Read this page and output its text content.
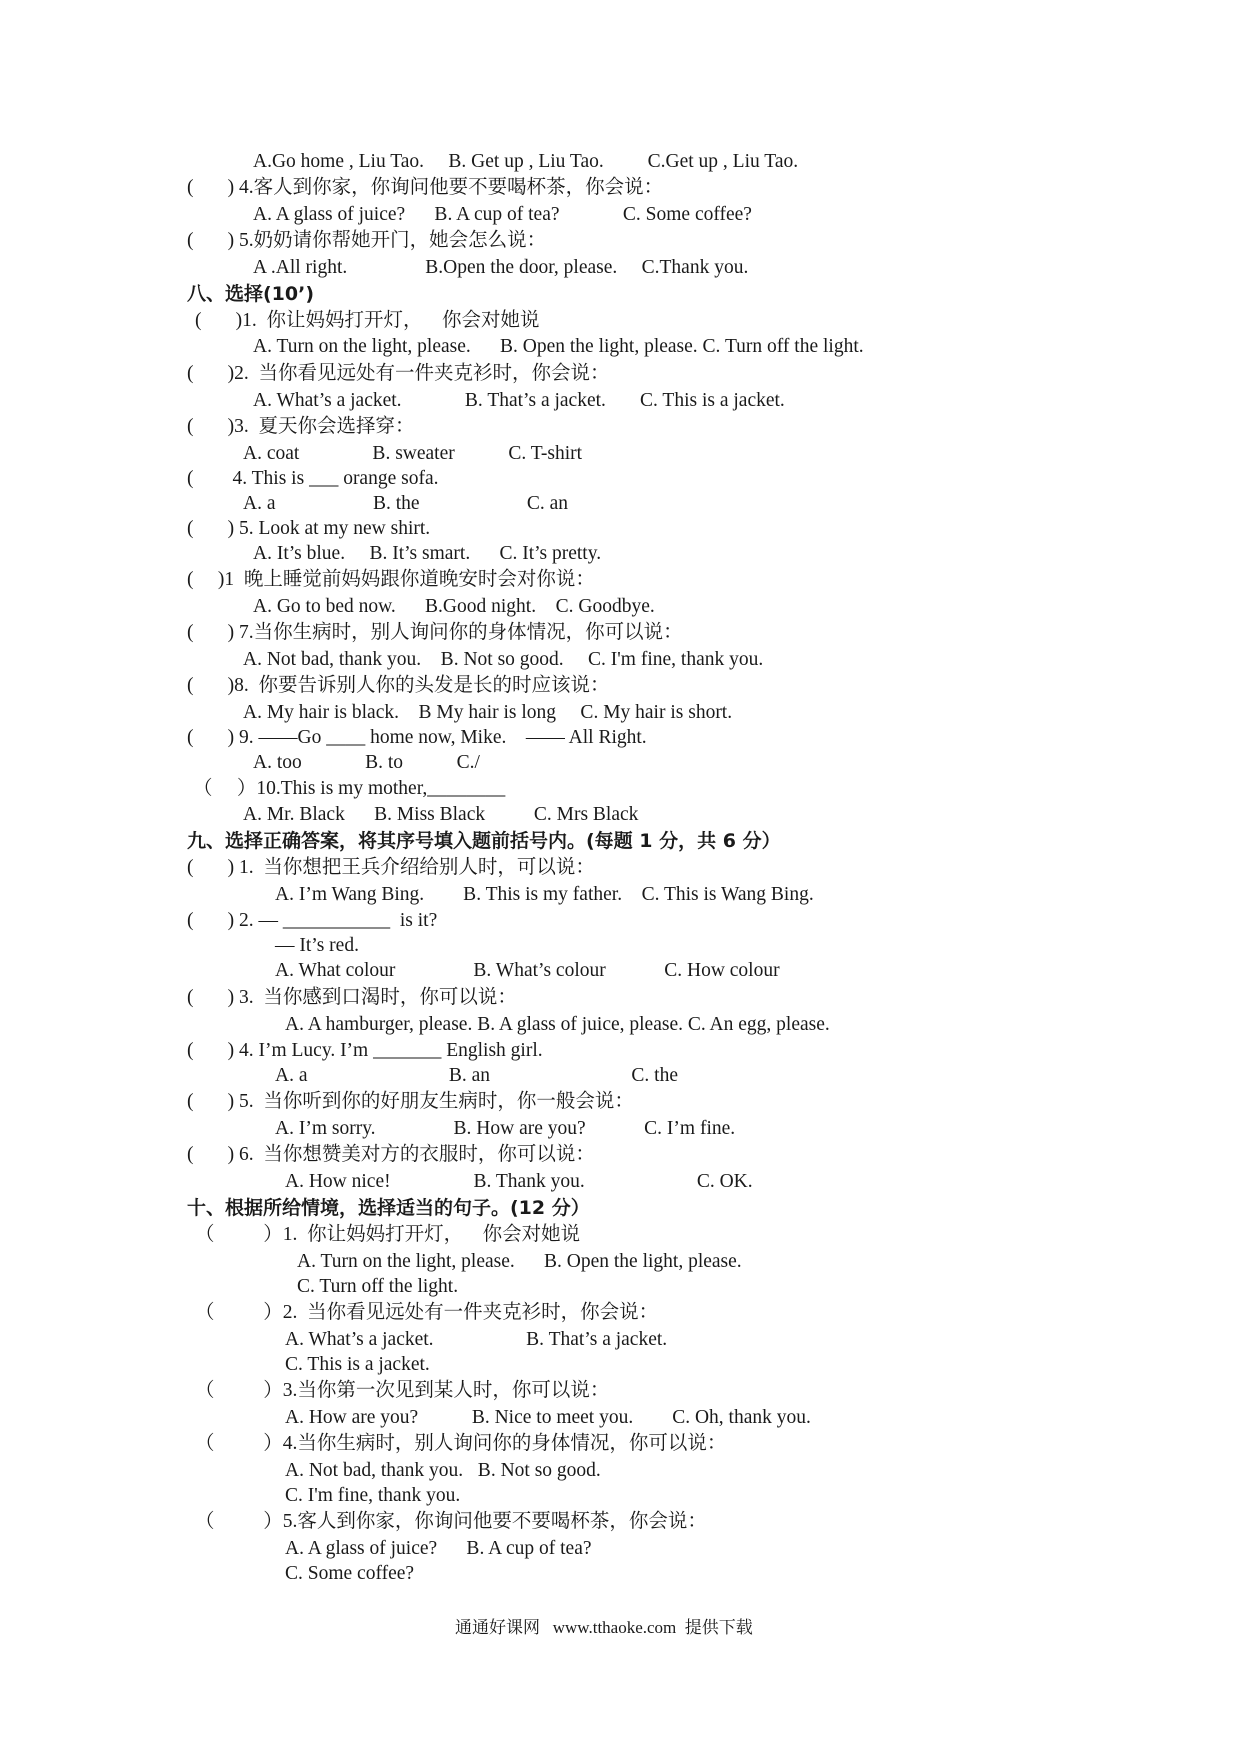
A.Go home , Liu Tao.     B. Get up , Liu Tao.         C.Get up , Liu Tao.
(       ) 4.客人到你家，你询问他要不要喝杯茶，你会说：
A. A glass of juice?      B. A cup of tea?             C. Some coffee?
(       ) 5.奶奶请你帮她开门，她会怎么说：
A .All right.                B.Open the door, please.     C.Thank you.
八、选择(10’)
(       )1.  你让妈妈打开灯，    你会对她说
A. Turn on the light, please.      B. Open the light, please. C. Turn off the light.
(       )2.  当你看见远处有一件夹克衫时，你会说：
A. What’s a jacket.             B. That’s a jacket.       C. This is a jacket.
(       )3.  夏天你会选择穿：
A. coat               B. sweater           C. T-shirt
(        4. This is ___ orange sofa.
A. a                    B. the                      C. an
(       ) 5. Look at my new shirt.
A. It’s blue.     B. It’s smart.      C. It’s pretty.
(     )1  晚上睡觉前妈妈跟你道晚安时会对你说：
A. Go to bed now.      B.Good night.    C. Goodbye.
(       ) 7.当你生病时，别人询问你的身体情况，你可以说：
A. Not bad, thank you.    B. Not so good.     C. I'm fine, thank you.
(       )8.  你要告诉别人你的头发是长的时应该说：
A. My hair is black.    B My hair is long     C. My hair is short.
(       ) 9. ——Go ____ home now, Mike.    —— All Right.
A. too             B. to           C./
（     ）10.This is my mother,________
A. Mr. Black      B. Miss Black          C. Mrs Black
九、选择正确答案，将其序号填入题前括号内。(每题 1 分，共 6 分）
(       ) 1.  当你想把王兵介绍给别人时，可以说：
A. I’m Wang Bing.        B. This is my father.    C. This is Wang Bing.
(       ) 2. — ___________  is it?
— It’s red.
A. What colour                B. What’s colour            C. How colour
(       ) 3.  当你感到口渴时，你可以说：
A. A hamburger, please. B. A glass of juice, please. C. An egg, please.
(       ) 4. I’m Lucy. I’m _______ English girl.
A. a                             B. an                             C. the
(       ) 5.  当你听到你的好朋友生病时，你一般会说：
A. I’m sorry.                B. How are you?            C. I’m fine.
(       ) 6.  当你想赞美对方的衣服时，你可以说：
A. How nice!                 B. Thank you.                       C. OK.
十、根据所给情境，选择适当的句子。(12 分）
（          ）1.  你让妈妈打开灯，    你会对她说
A. Turn on the light, please.      B. Open the light, please.
C. Turn off the light.
（          ）2.  当你看见远处有一件夹克衫时，你会说：
A. What’s a jacket.                   B. That’s a jacket.
C. This is a jacket.
（          ）3.当你第一次见到某人时，你可以说：
A. How are you?           B. Nice to meet you.        C. Oh, thank you.
（          ）4.当你生病时，别人询问你的身体情况，你可以说：
A. Not bad, thank you.   B. Not so good.
C. I'm fine, thank you.
（          ）5.客人到你家，你询问他要不要喝杯茶，你会说：
A. A glass of juice?      B. A cup of tea?
C. Some coffee?
通通好课网   www.tthaoke.com  提供下载
